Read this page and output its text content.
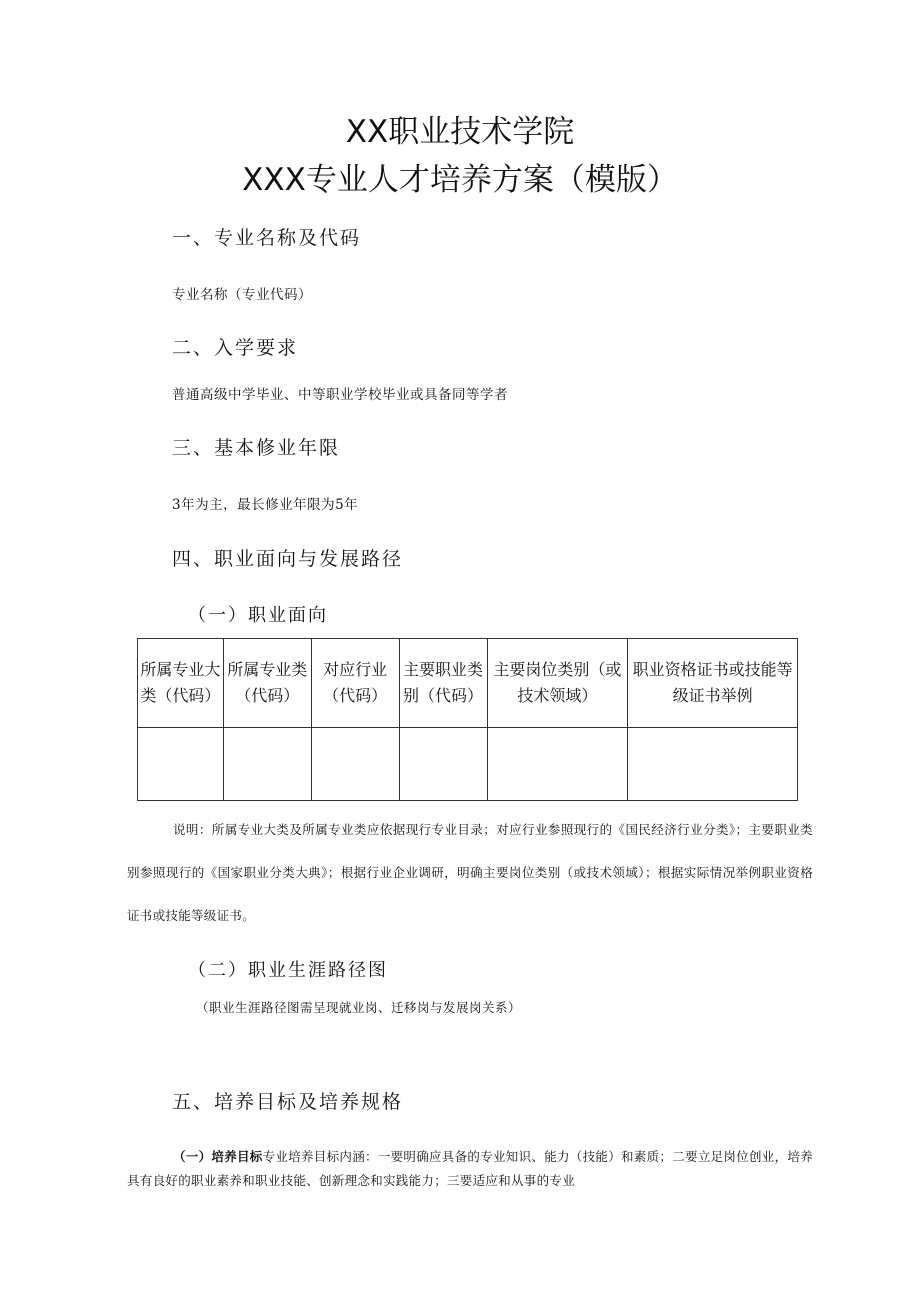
XX职业技术学院
XXX专业人才培养方案（模版）
一、专业名称及代码
专业名称（专业代码）
二、入学要求
普通高级中学毕业、中等职业学校毕业或具备同等学者
三、基本修业年限
3年为主，最长修业年限为5年
四、职业面向与发展路径
（一）职业面向
所属专业大类（代码）	所属专业类（代码）	对应行业（代码）	主要职业类别（代码）	主要岗位类别（或技术领域）	职业资格证书或技能等级证书举例

说明：所属专业大类及所属专业类应依据现行专业目录；对应行业参照现行的《国民经济行业分类》；主要职业类别参照现行的《国家职业分类大典》；根据行业企业调研，明确主要岗位类别（或技术领域）；根据实际情况举例职业资格证书或技能等级证书。
（二）职业生涯路径图
（职业生涯路径图需呈现就业岗、迁移岗与发展岗关系）
五、培养目标及培养规格
（一）培养目标专业培养目标内涵：一要明确应具备的专业知识、能力（技能）和素质；二要立足岗位创业，培养具有良好的职业素养和职业技能、创新理念和实践能力；三要适应和从事的专业
